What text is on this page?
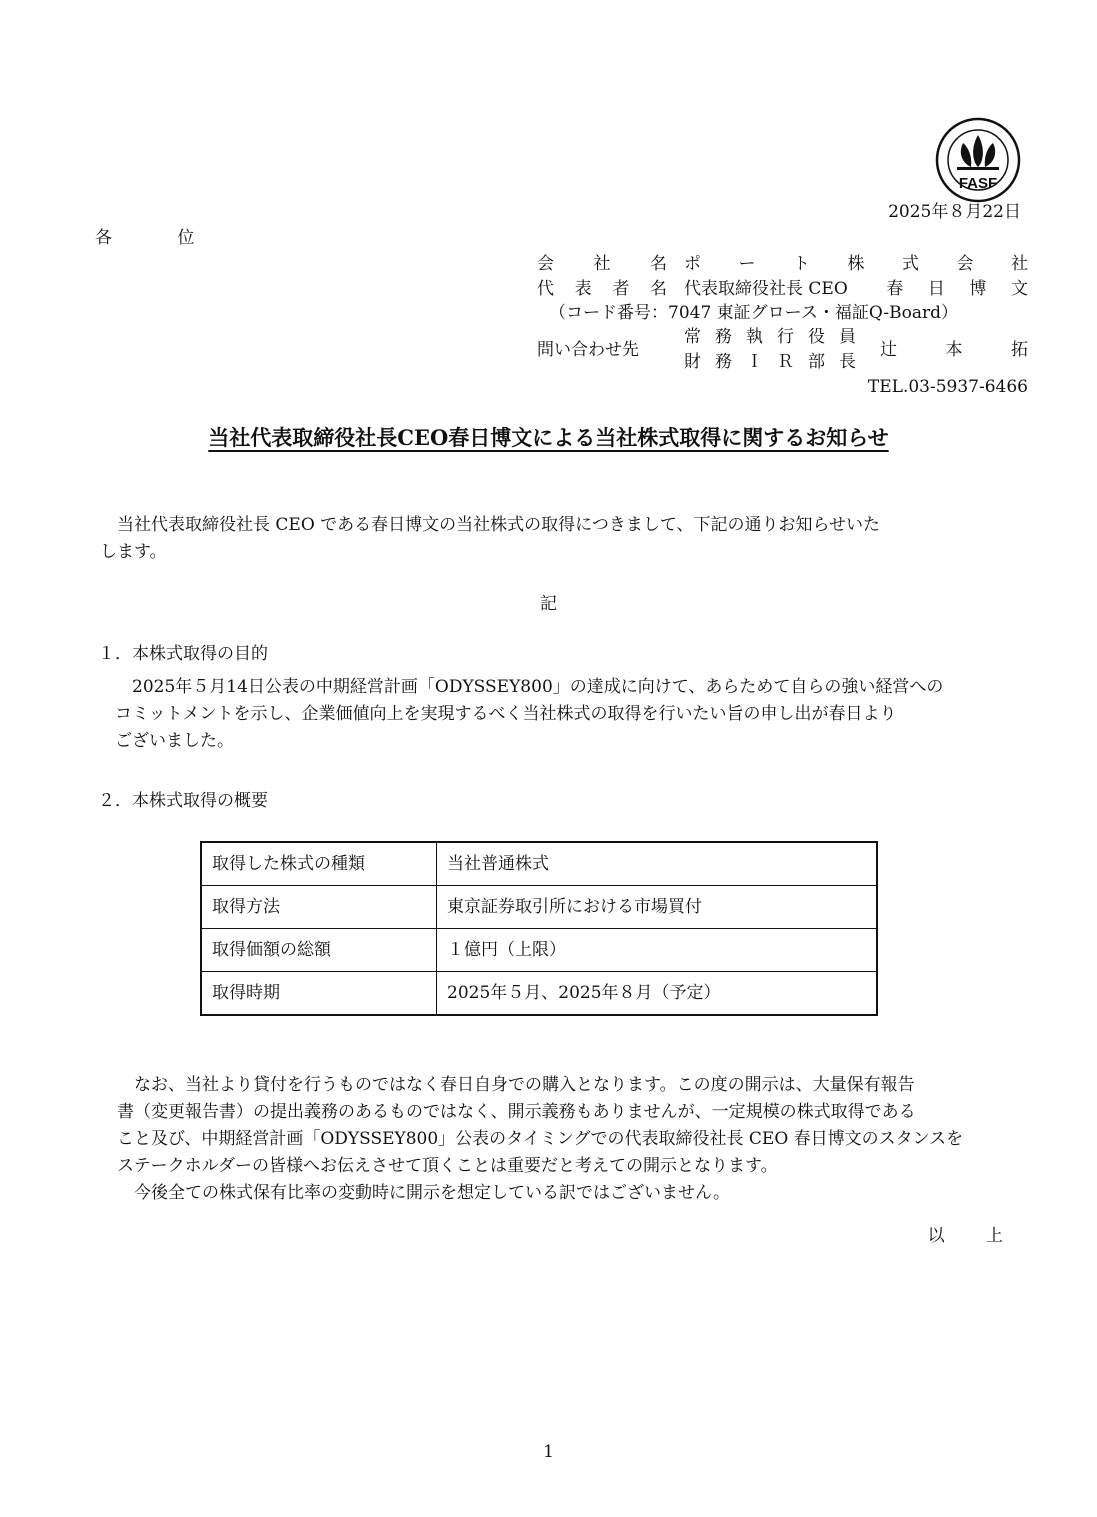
FASF
2025年８月22日
各 位
会 社 名 ポ ー ト 株 式 会 社
代 表 者 名 代表取締役社長 CEO 春 日 博 文
（コード番号：7047 東証グロース・福証Q-Board）
問い合わせ先
常 務 執 行 役 員
財 務 Ｉ Ｒ 部 長
辻	本	拓
TEL.03-5937-6466
当社代表取締役社長CEO春日博文による当社株式取得に関するお知らせ

当社代表取締役社長 CEO である春日博文の当社株式の取得につきまして、下記の通りお知らせいた

します。

記
１．本株式取得の目的

2025年５月14日公表の中期経営計画「ODYSSEY800」の達成に向けて、あらためて自らの強い経営への

コミットメントを示し、企業価値向上を実現するべく当社株式の取得を行いたい旨の申し出が春日より

ございました。

２．本株式取得の概要
取得した株式の種類	当社普通株式
取得方法	東京証券取引所における市場買付
取得価額の総額	１億円（上限）
取得時期	2025年５月、2025年８月（予定）

なお、当社より貸付を行うものではなく春日自身での購入となります。この度の開示は、大量保有報告

書（変更報告書）の提出義務のあるものではなく、開示義務もありませんが、一定規模の株式取得である

こと及び、中期経営計画「ODYSSEY800」公表のタイミングでの代表取締役社長 CEO 春日博文のスタンスを

ステークホルダーの皆様へお伝えさせて頂くことは重要だと考えての開示となります。

今後全ての株式保有比率の変動時に開示を想定している訳ではございません。

以 上
1
